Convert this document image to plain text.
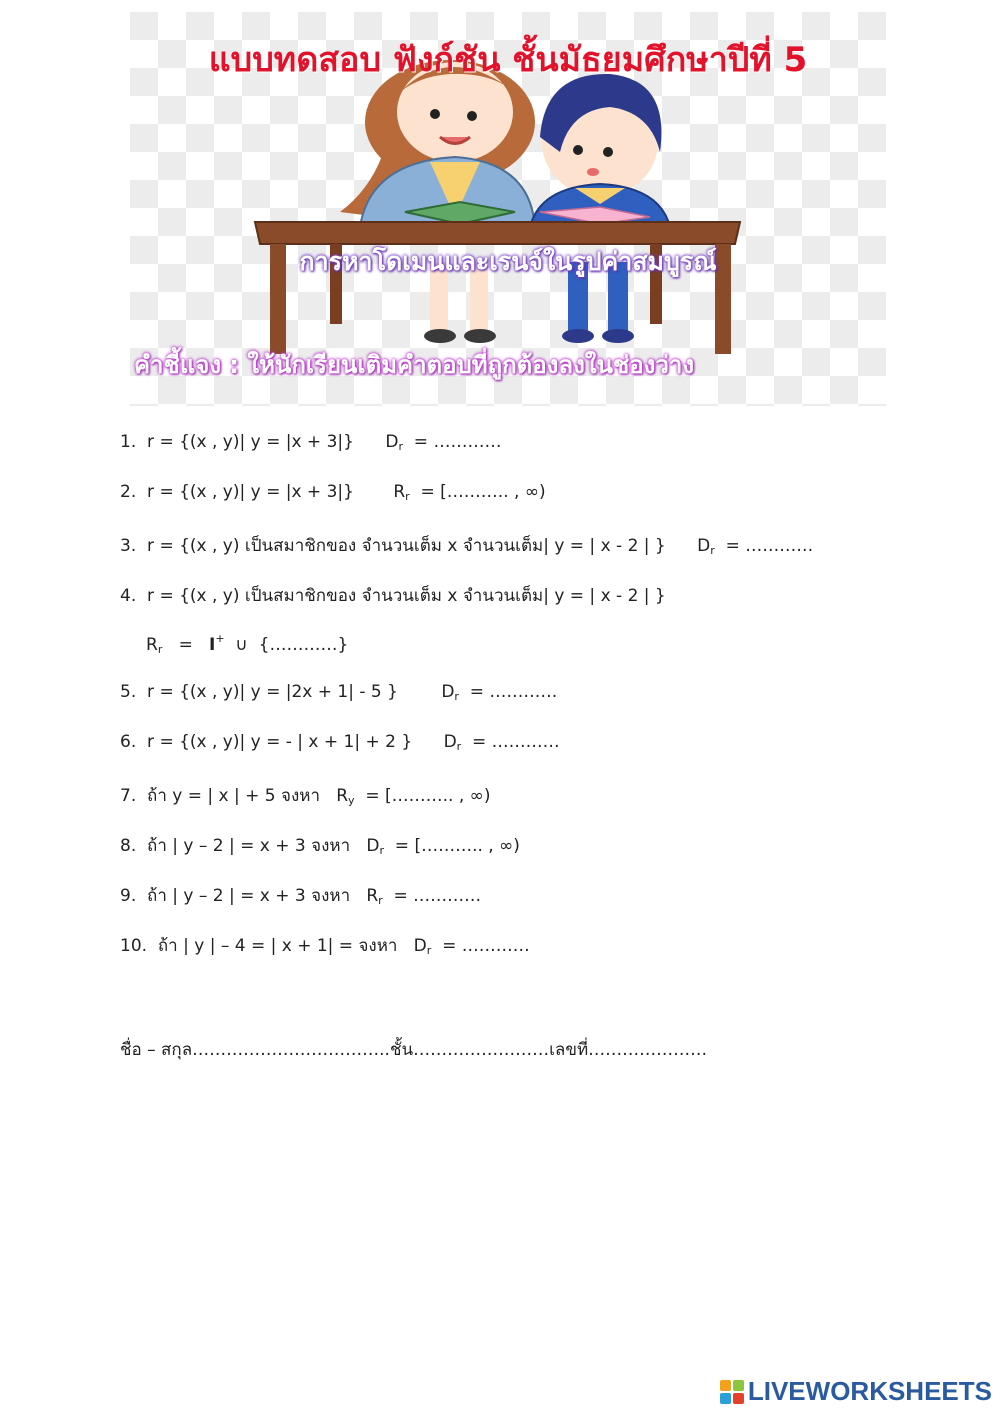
แบบทดสอบ ฟังก์ชัน ชั้นมัธยมศึกษาปีที่ 5
การหาโดเมนและเรนจ์ในรูปค่าสมบูรณ์
คำชี้แจง : ให้นักเรียนเติมคำตอบที่ถูกต้องลงในช่องว่าง
1. r = {(x , y)| y = |x + 3|} Dr = …………
2. r = {(x , y)| y = |x + 3|} Rr = [……….. , ∞)
3. r = {(x , y) เป็นสมาชิกของ จำนวนเต็ม x จำนวนเต็ม| y = | x - 2 | } Dr = …………
4. r = {(x , y) เป็นสมาชิกของ จำนวนเต็ม x จำนวนเต็ม| y = | x - 2 | }
Rr = I+ ∪ {…………}
5. r = {(x , y)| y = |2x + 1| - 5 }	Dr = …………
6. r = {(x , y)| y = - | x + 1| + 2 } Dr = …………
7. ถ้า y = | x | + 5 จงหา Ry = [……….. , ∞)
8. ถ้า | y – 2 | = x + 3 จงหา Dr = [……….. , ∞)
9. ถ้า | y – 2 | = x + 3 จงหา Rr = …………
10. ถ้า | y | – 4 = | x + 1| = จงหา Dr = …………
ชื่อ – สกุล……………………………..ชั้น……………………เลขที่…………………
LIVEWORKSHEETS
